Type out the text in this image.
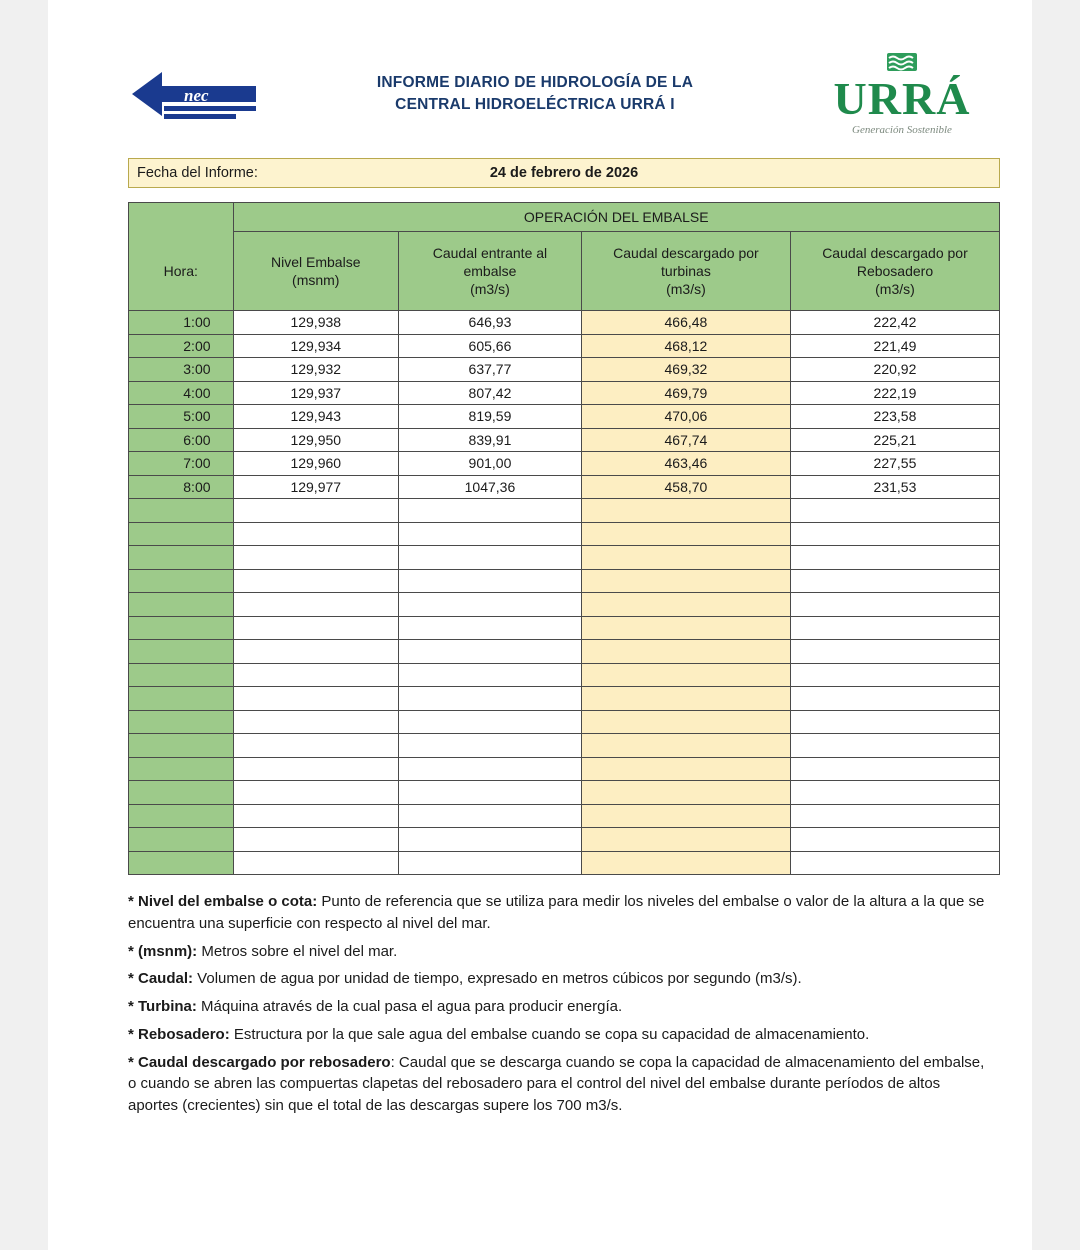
nec
INFORME DIARIO DE HIDROLOGÍA DE LA
CENTRAL HIDROELÉCTRICA URRÁ I	URRÁ
Generación Sostenible
Fecha del Informe:	24 de febrero de 2026
	OPERACIÓN DEL EMBALSE			
Hora:	
Nivel Embalse
(msnm)

Caudal entrante al
embalse
(m3/s)

Caudal descargado por
turbinas
(m3/s)

Caudal descargado por
Rebosadero
(m3/s)

1:00	129,938	646,93	466,48	222,42
2:00	129,934	605,66	468,12	221,49
3:00	129,932	637,77	469,32	220,92
4:00	129,937	807,42	469,79	222,19
5:00	129,943	819,59	470,06	223,58
6:00	129,950	839,91	467,74	225,21
7:00	129,960	901,00	463,46	227,55
8:00	129,977	1047,36	458,70	231,53

* Nivel del embalse o cota: Punto de referencia que se utiliza para medir los niveles del embalse o valor de la altura a la que se encuentra una superficie con respecto al nivel del mar.

* (msnm): Metros sobre el nivel del mar.

* Caudal: Volumen de agua por unidad de tiempo, expresado en metros cúbicos por segundo (m3/s).

* Turbina: Máquina através de la cual pasa el agua para producir energía.

* Rebosadero: Estructura por la que sale agua del embalse cuando se copa su capacidad de almacenamiento.

* Caudal descargado por rebosadero: Caudal que se descarga cuando se copa la capacidad de almacenamiento del embalse, o cuando se abren las compuertas clapetas del rebosadero para el control del nivel del embalse durante períodos de altos aportes (crecientes) sin que el total de las descargas supere los 700 m3/s.
